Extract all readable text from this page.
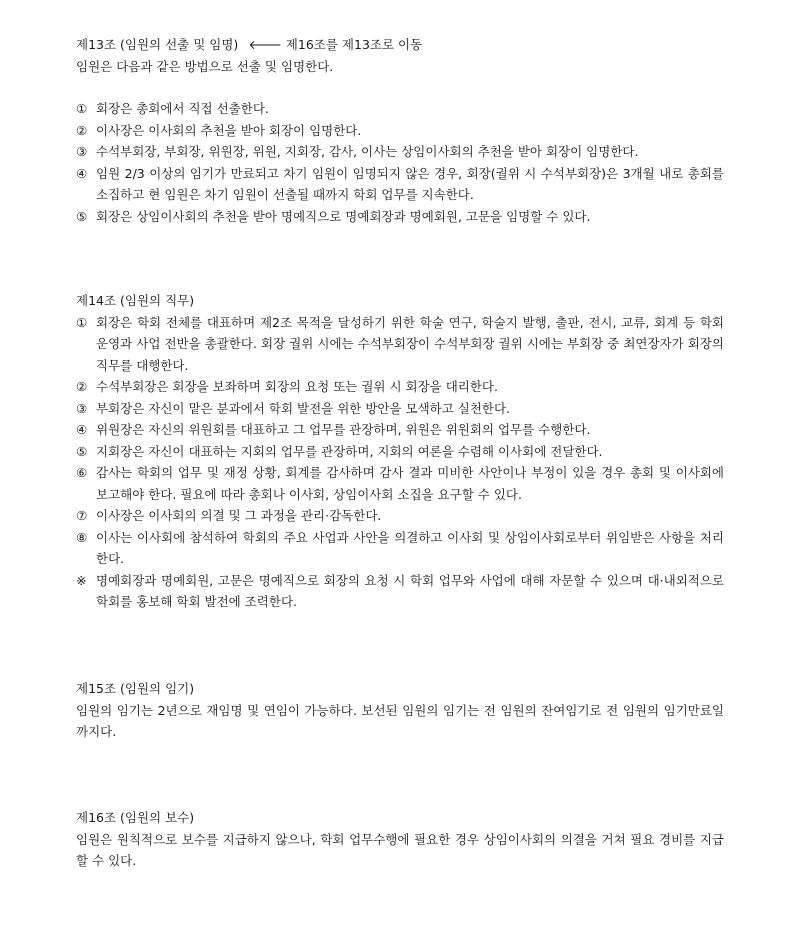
제13조 (임원의 선출 및 임명) 🡐 제16조를 제13조로 이동
임원은 다음과 같은 방법으로 선출 및 임명한다.
① 회장은 총회에서 직접 선출한다.
② 이사장은 이사회의 추천을 받아 회장이 임명한다.
③ 수석부회장, 부회장, 위원장, 위원, 지회장, 감사, 이사는 상임이사회의 추천을 받아 회장이 임명한다.
④ 임원 2/3 이상의 임기가 만료되고 차기 임원이 임명되지 않은 경우, 회장(궐위 시 수석부회장)은 3개월 내로 총회를 소집하고 현 임원은 차기 임원이 선출될 때까지 학회 업무를 지속한다.
⑤ 회장은 상임이사회의 추천을 받아 명예직으로 명예회장과 명예회원, 고문을 임명할 수 있다.
제14조 (임원의 직무)
① 회장은 학회 전체를 대표하며 제2조 목적을 달성하기 위한 학술 연구, 학술지 발행, 출판, 전시, 교류, 회계 등 학회 운영과 사업 전반을 총괄한다. 회장 궐위 시에는 수석부회장이 수석부회장 궐위 시에는 부회장 중 최연장자가 회장의 직무를 대행한다.
② 수석부회장은 회장을 보좌하며 회장의 요청 또는 궐위 시 회장을 대리한다.
③ 부회장은 자신이 맡은 분과에서 학회 발전을 위한 방안을 모색하고 실천한다.
④ 위원장은 자신의 위원회를 대표하고 그 업무를 관장하며, 위원은 위원회의 업무를 수행한다.
⑤ 지회장은 자신이 대표하는 지회의 업무를 관장하며, 지회의 여론을 수렴해 이사회에 전달한다.
⑥ 감사는 학회의 업무 및 재정 상황, 회계를 감사하며 감사 결과 미비한 사안이나 부정이 있을 경우 총회 및 이사회에 보고해야 한다. 필요에 따라 총회나 이사회, 상임이사회 소집을 요구할 수 있다.
⑦ 이사장은 이사회의 의결 및 그 과정을 관리·감독한다.
⑧ 이사는 이사회에 참석하여 학회의 주요 사업과 사안을 의결하고 이사회 및 상임이사회로부터 위임받은 사항을 처리한다.
※ 명예회장과 명예회원, 고문은 명예직으로 회장의 요청 시 학회 업무와 사업에 대해 자문할 수 있으며 대·내외적으로 학회를 홍보해 학회 발전에 조력한다.
제15조 (임원의 임기)
임원의 임기는 2년으로 재임명 및 연임이 가능하다. 보선된 임원의 임기는 전 임원의 잔여임기로 전 임원의 임기만료일까지다.
제16조 (임원의 보수)
임원은 원칙적으로 보수를 지급하지 않으나, 학회 업무수행에 필요한 경우 상임이사회의 의결을 거쳐 필요 경비를 지급할 수 있다.
